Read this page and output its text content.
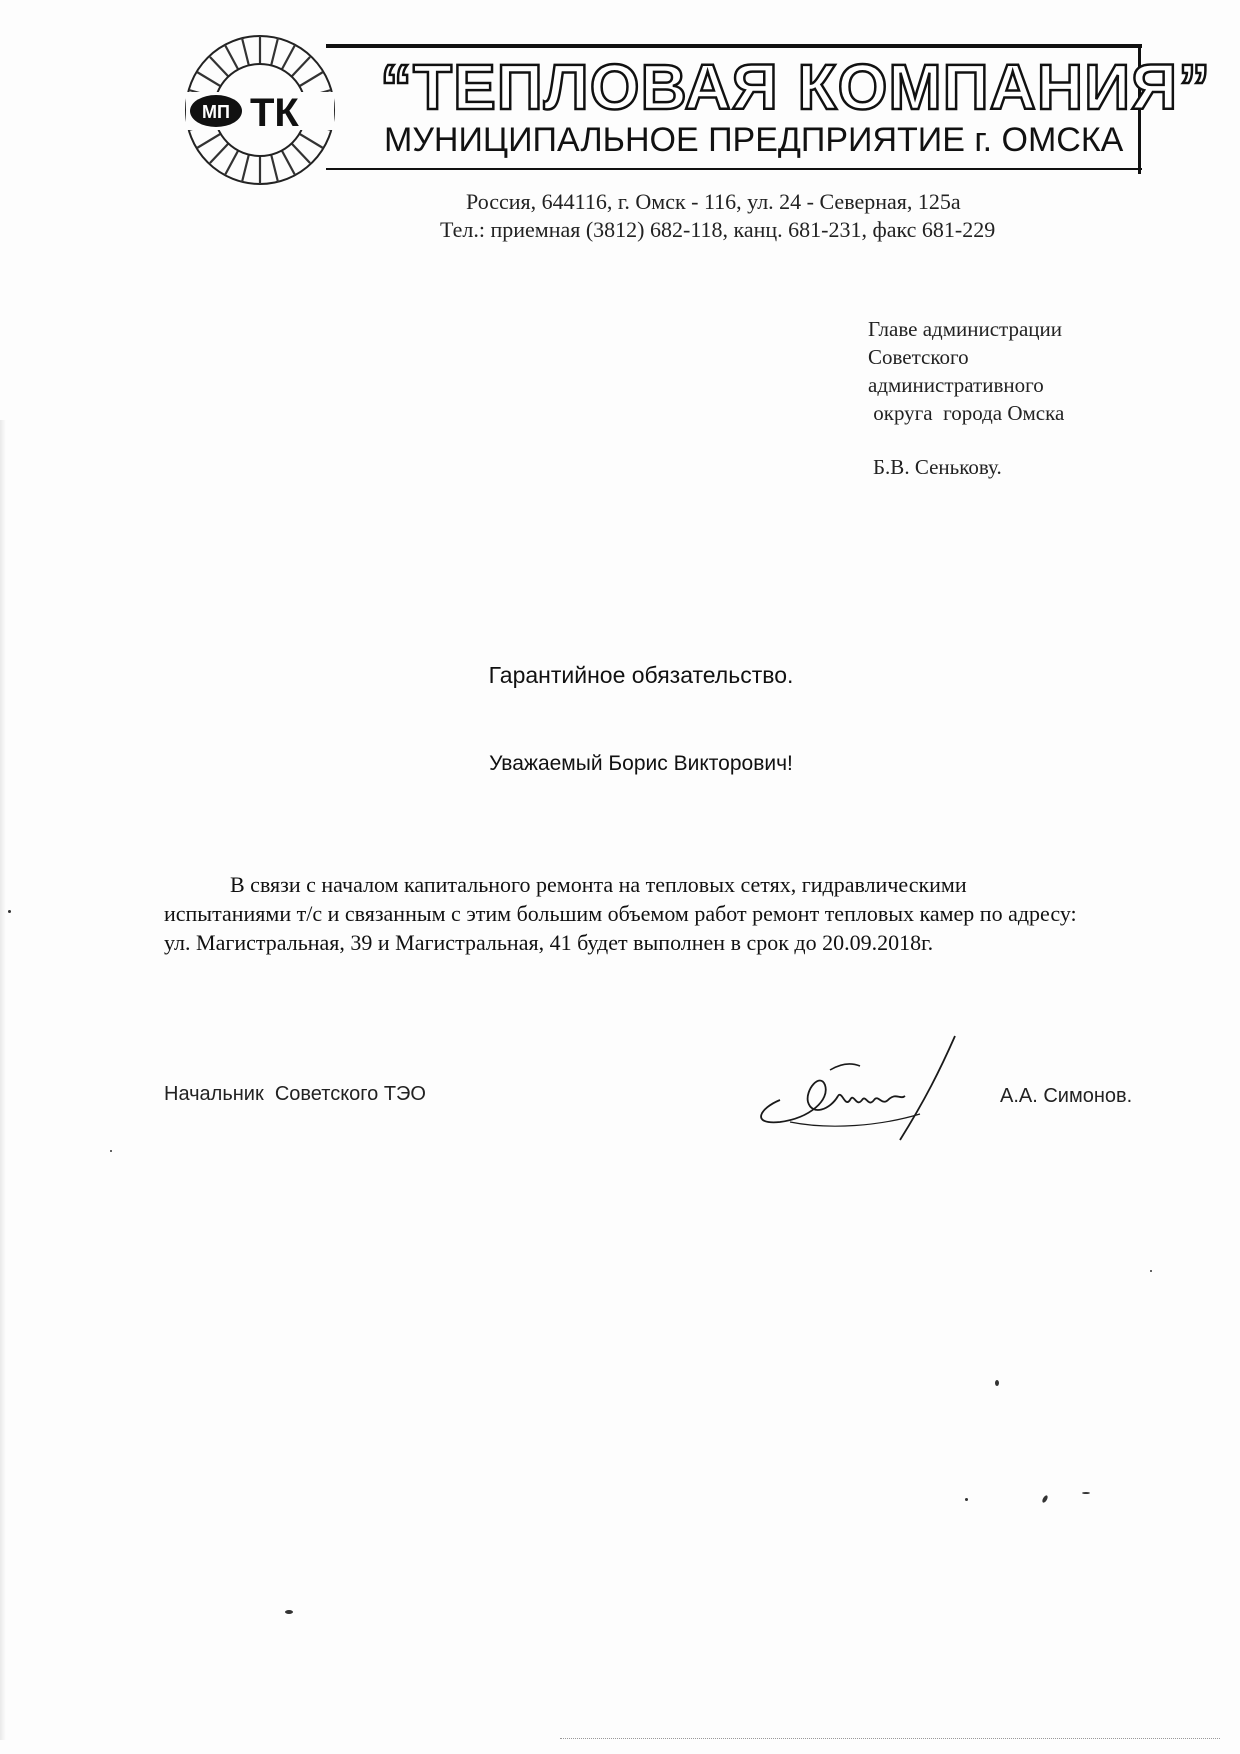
МП ТК “ТЕПЛОВАЯ КОМПАНИЯ”
МУНИЦИПАЛЬНОЕ ПРЕДПРИЯТИЕ г. ОМСКА
Россия, 644116, г. Омск - 116, ул. 24 - Северная, 125а
Тел.: приемная (3812) 682-118, канц. 681-231, факс 681-229
Главе администрации
Советского
административного
округа  города Омска
Б.В. Сенькову.
Гарантийное обязательство.
Уважаемый Борис Викторович!
В связи с началом капитального ремонта на тепловых сетях, гидравлическими испытаниями т/с и связанным с этим большим объемом работ ремонт тепловых камер по адресу: ул. Магистральная, 39 и Магистральная, 41 будет выполнен в срок до 20.09.2018г.
Начальник  Советского ТЭО	А.А. Симонов.
